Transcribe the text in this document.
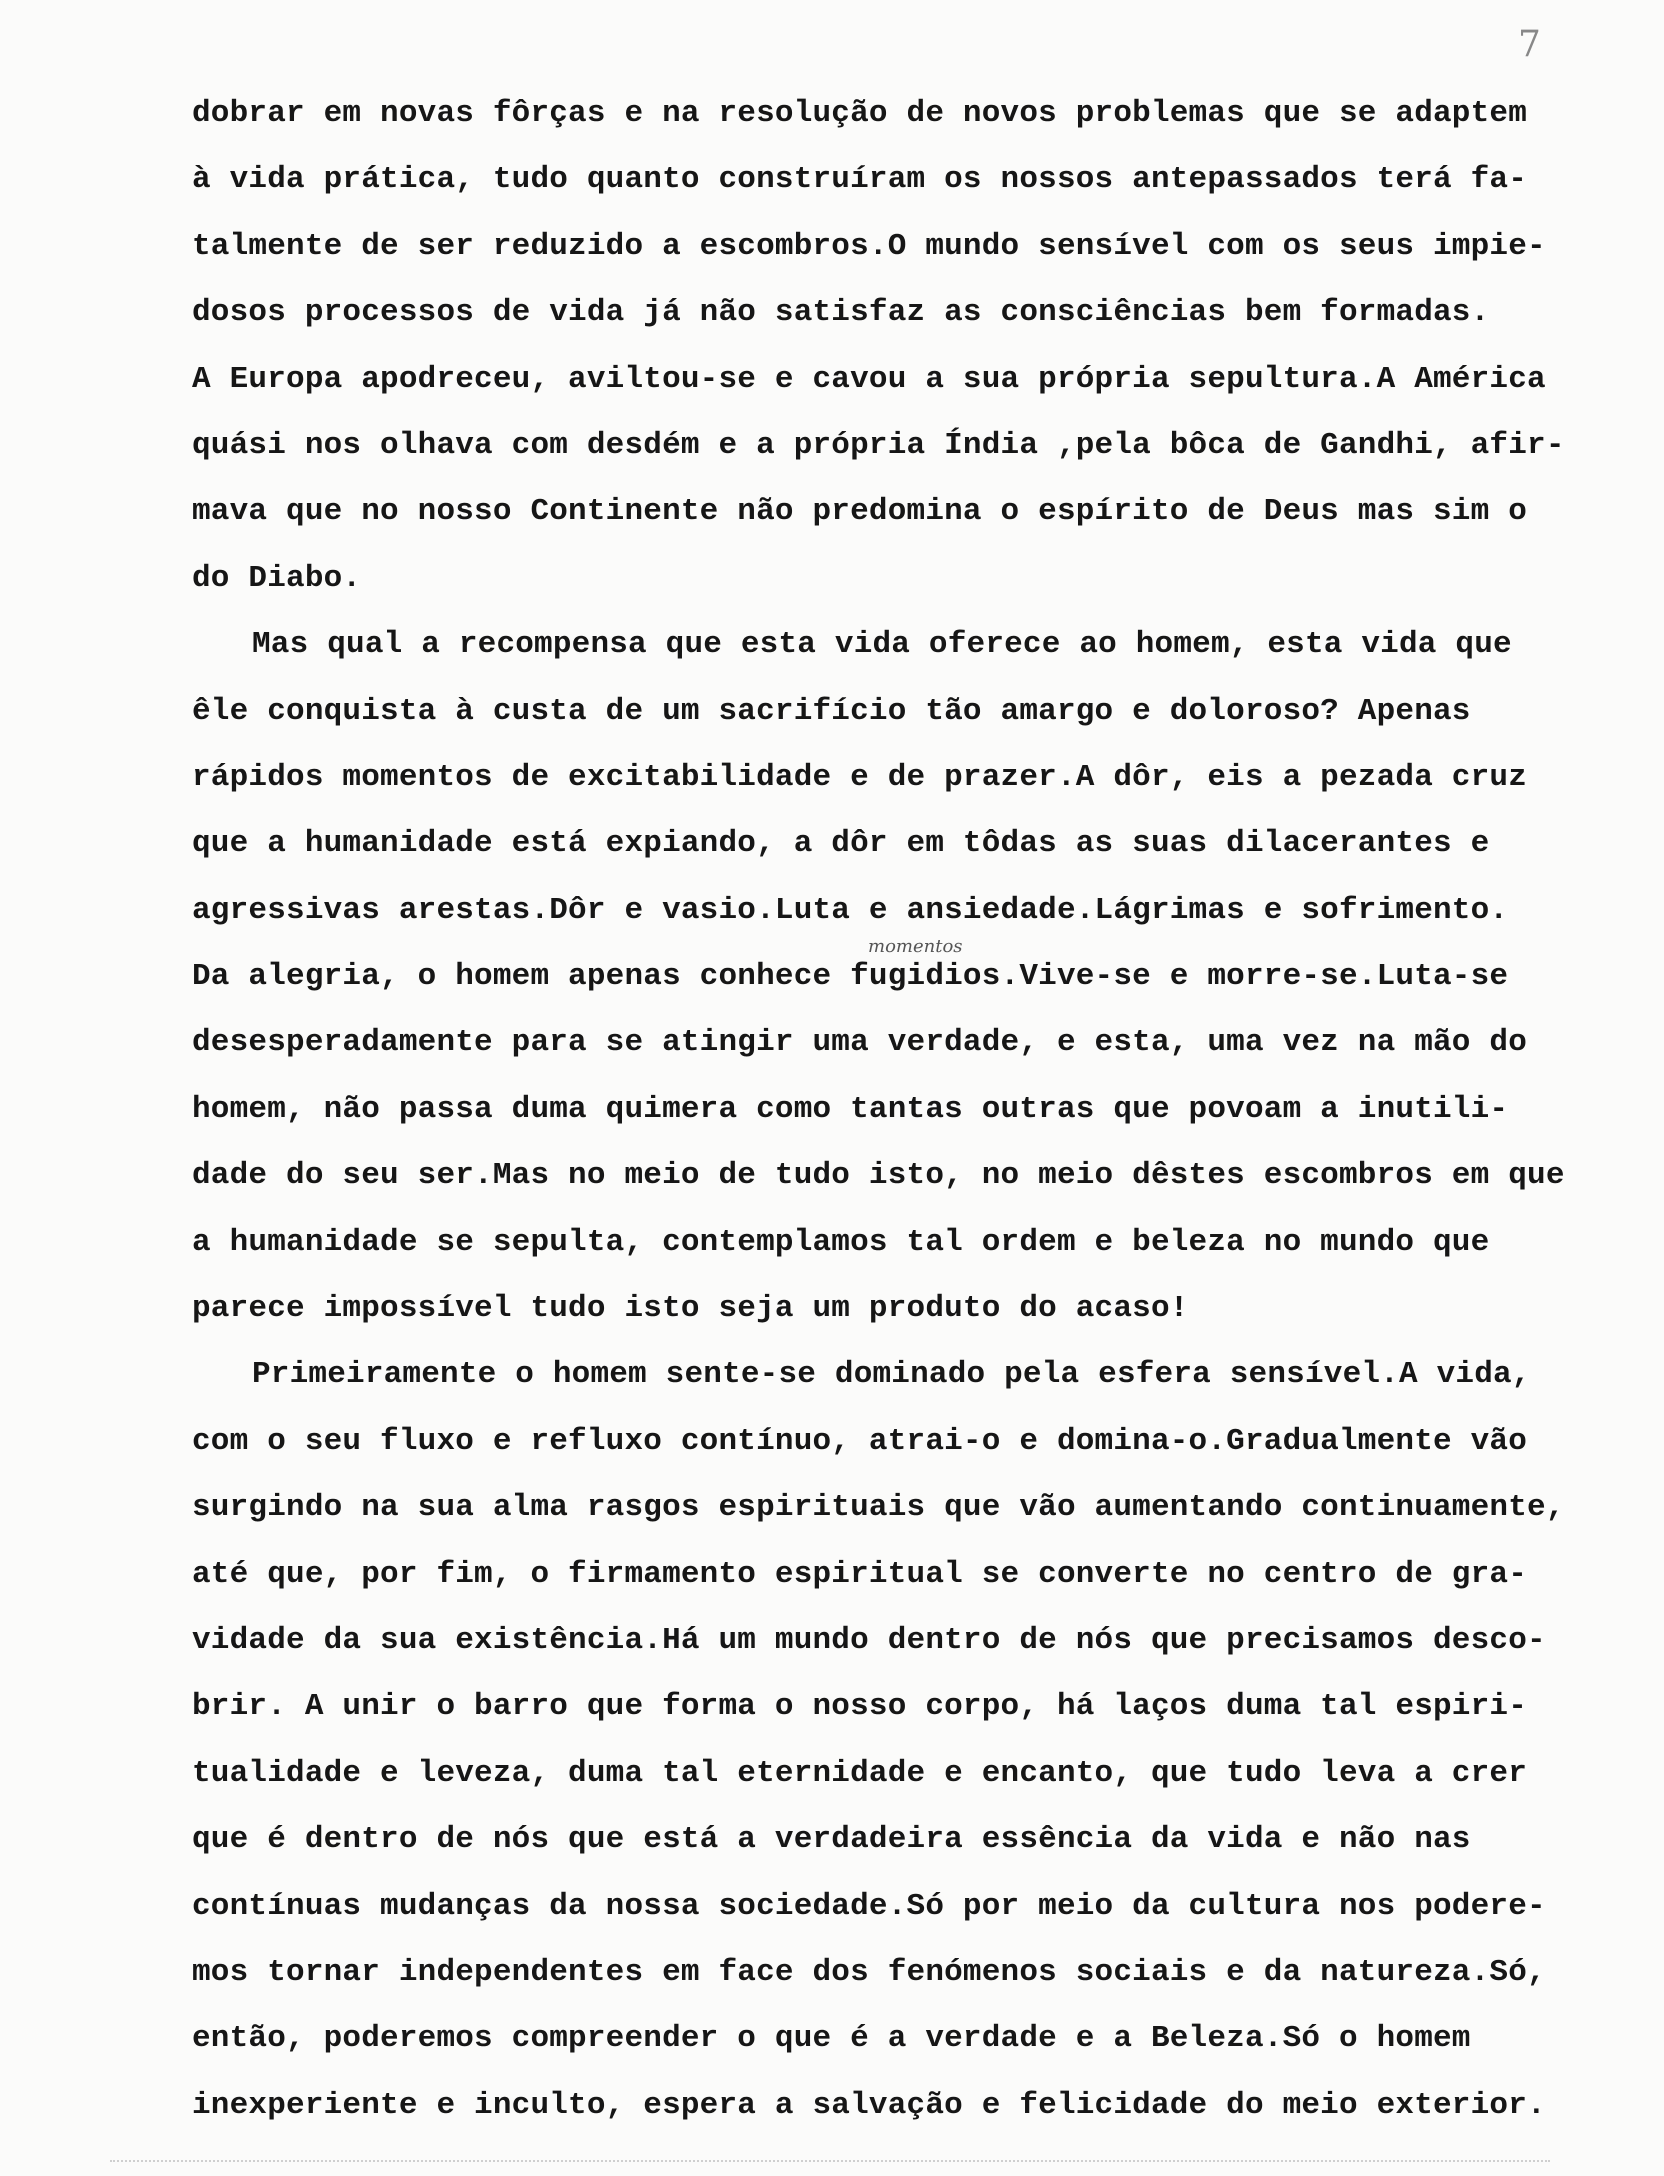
7
momentos
dobrar em novas fôrças e na resolução de novos problemas que se adaptem
à vida prática, tudo quanto construíram os nossos antepassados terá fa-
talmente de ser reduzido a escombros.O mundo sensível com os seus impie-
dosos processos de vida já não satisfaz as consciências bem formadas.
A Europa apodreceu, aviltou-se e cavou a sua própria sepultura.A América
quási nos olhava com desdém e a própria Índia ,pela bôca de Gandhi, afir-
mava que no nosso Continente não predomina o espírito de Deus mas sim o
do Diabo.
Mas qual a recompensa que esta vida oferece ao homem, esta vida que
êle conquista à custa de um sacrifício tão amargo e doloroso? Apenas
rápidos momentos de excitabilidade e de prazer.A dôr, eis a pezada cruz
que a humanidade está expiando, a dôr em tôdas as suas dilacerantes e
agressivas arestas.Dôr e vasio.Luta e ansiedade.Lágrimas e sofrimento.
Da alegria, o homem apenas conhece fugidios.Vive-se e morre-se.Luta-se
desesperadamente para se atingir uma verdade, e esta, uma vez na mão do
homem, não passa duma quimera como tantas outras que povoam a inutili-
dade do seu ser.Mas no meio de tudo isto, no meio dêstes escombros em que
a humanidade se sepulta, contemplamos tal ordem e beleza no mundo que
parece impossível tudo isto seja um produto do acaso!
Primeiramente o homem sente-se dominado pela esfera sensível.A vida,
com o seu fluxo e refluxo contínuo, atrai-o e domina-o.Gradualmente vão
surgindo na sua alma rasgos espirituais que vão aumentando continuamente,
até que, por fim, o firmamento espiritual se converte no centro de gra-
vidade da sua existência.Há um mundo dentro de nós que precisamos desco-
brir. A unir o barro que forma o nosso corpo, há laços duma tal espiri-
tualidade e leveza, duma tal eternidade e encanto, que tudo leva a crer
que é dentro de nós que está a verdadeira essência da vida e não nas
contínuas mudanças da nossa sociedade.Só por meio da cultura nos podere-
mos tornar independentes em face dos fenómenos sociais e da natureza.Só,
então, poderemos compreender o que é a verdade e a Beleza.Só o homem
inexperiente e inculto, espera a salvação e felicidade do meio exterior.
